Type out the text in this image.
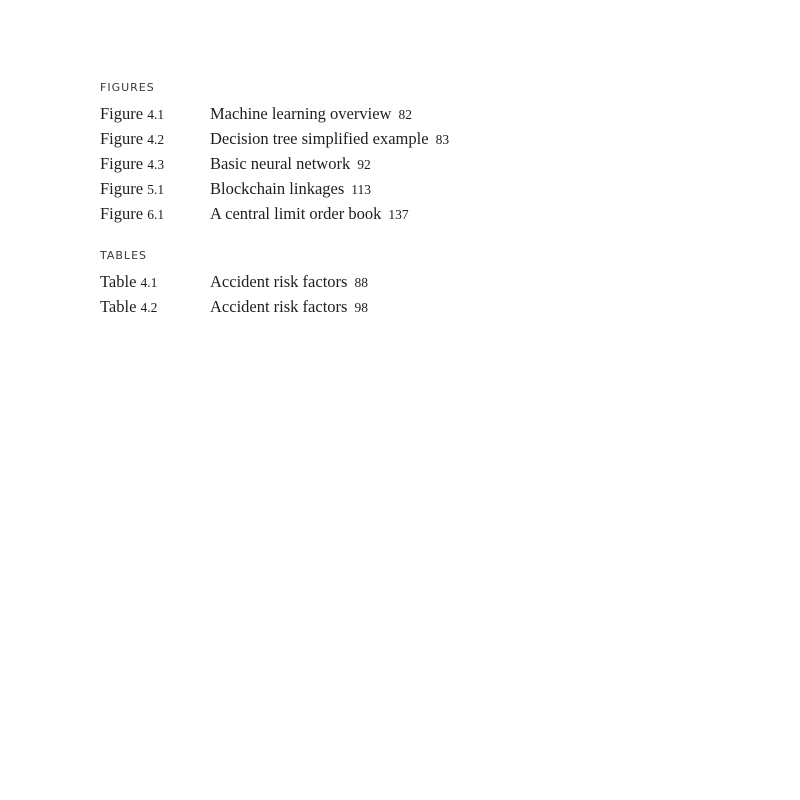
FIGURES
Figure 4.1	Machine learning overview 82
Figure 4.2	Decision tree simplified example 83
Figure 4.3	Basic neural network 92
Figure 5.1	Blockchain linkages 113
Figure 6.1	A central limit order book 137
TABLES
Table 4.1	Accident risk factors 88
Table 4.2	Accident risk factors 98
